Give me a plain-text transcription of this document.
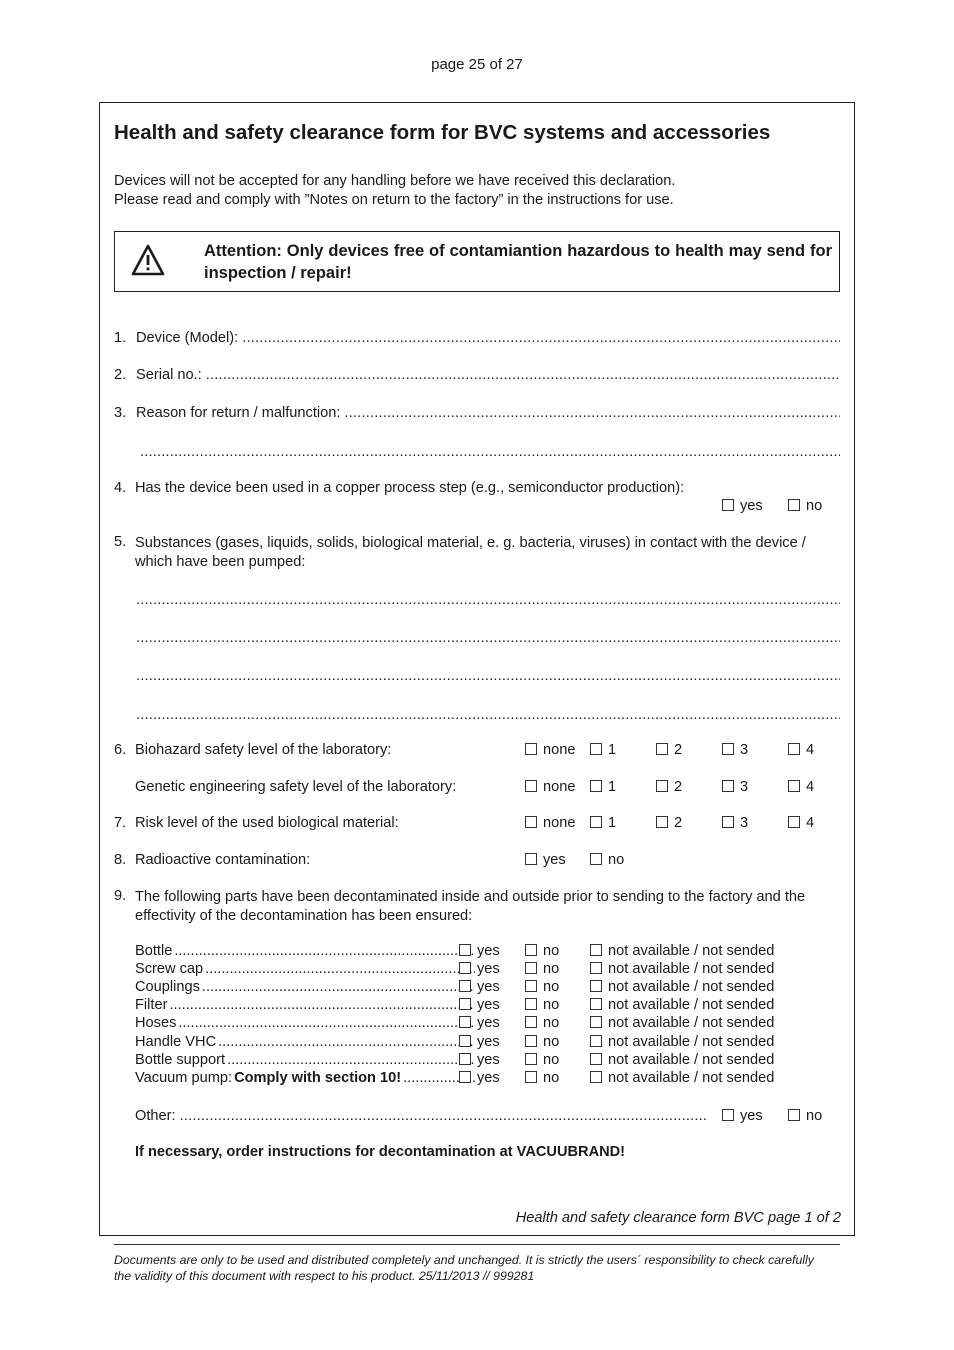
page 25 of 27
Health and safety clearance form for BVC systems and accessories
Devices will not be accepted for any handling before we have received this declaration.
Please read and comply with ”Notes on return to the factory” in the instructions for use.
Attention: Only devices free of contamiantion hazardous to health may send for inspection / repair!
1. Device (Model):
.....
2. Serial no.:
.....
3. Reason for return / malfunction:
.....
.....
4. Has the device been used in a copper process step (e.g., semiconductor production):
yes	no
5. Substances (gases, liquids, solids, biological material, e. g. bacteria, viruses) in contact with the device / which have been pumped:
.....
.....
.....
.....
6. Biohazard safety level of the laboratory:	none	1	2	3	4
Genetic engineering safety level of the laboratory:	none	1	2	3	4
7. Risk level of the used biological material:	none	1	2	3	4
8. Radioactive contamination:	yes	no
9. The following parts have been decontaminated inside and outside prior to sending to the factory and the effectivity of the decontamination has been ensured:
Bottle
.....
Screw cap
.....
Couplings
.....
Filter
.....
Hoses
.....
Handle VHC
.....
Bottle support
.....
Vacuum pump: Comply with section 10!
.....
yes
yes
yes
yes
yes
yes
yes
yes
no
no
no
no
no
no
no
no
not available / not sended
not available / not sended
not available / not sended
not available / not sended
not available / not sended
not available / not sended
not available / not sended
not available / not sended
Other:
.....	yes	no
If necessary, order instructions for decontamination at VACUUBRAND!
Health and safety clearance form BVC page 1 of 2
Documents are only to be used and distributed completely and unchanged. It is strictly the users´ responsibility to check carefully
the validity of this document with respect to his product. 25/11/2013 // 999281
